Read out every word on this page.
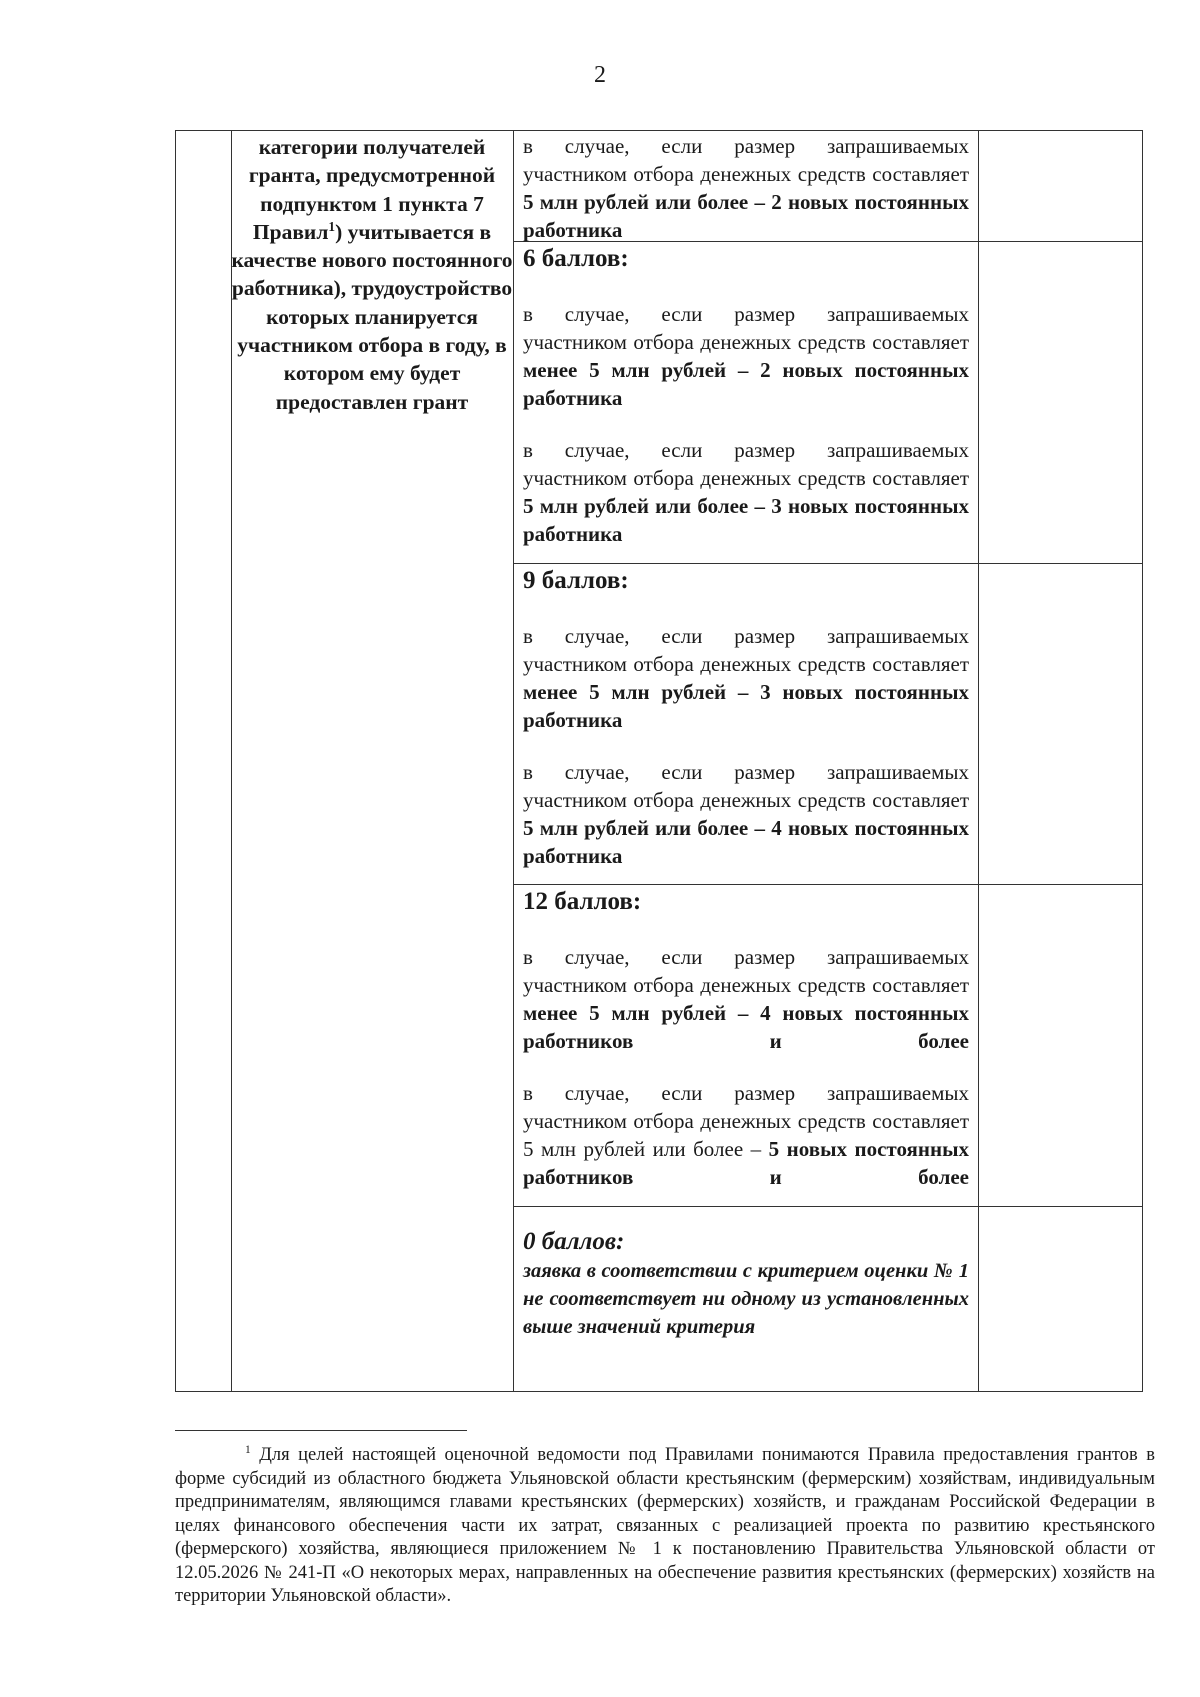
2
категории получателей гранта, предусмотренной подпунктом 1 пункта 7 Правил$^1$) учитывается в качестве нового постоянного работника), трудоустройство которых планируется участником отбора в году, в котором ему будет предоставлен грант

в случае, если размер запрашиваемых участником отбора денежных средств составляет 5 млн рублей или более – 2 новых постоянных работника

6 баллов:

в случае, если размер запрашиваемых участником отбора денежных средств составляет менее 5 млн рублей – 2 новых постоянных работника

в случае, если размер запрашиваемых участником отбора денежных средств составляет 5 млн рублей или более – 3 новых постоянных работника

9 баллов:

в случае, если размер запрашиваемых участником отбора денежных средств составляет менее 5 млн рублей – 3 новых постоянных работника

в случае, если размер запрашиваемых участником отбора денежных средств составляет 5 млн рублей или более – 4 новых постоянных работника

12 баллов:

в случае, если размер запрашиваемых участником отбора денежных средств составляет менее 5 млн рублей – 4 новых постоянных работников и более

в случае, если размер запрашиваемых участником отбора денежных средств составляет 5 млн рублей или более – 5 новых постоянных работников и более

0 баллов:

заявка в соответствии с критерием оценки № 1 не соответствует ни одному из установленных выше значений критерия

$^1$ Для целей настоящей оценочной ведомости под Правилами понимаются Правила предоставления грантов в форме субсидий из областного бюджета Ульяновской области крестьянским (фермерским) хозяйствам, индивидуальным предпринимателям, являющимся главами крестьянских (фермерских) хозяйств, и гражданам Российской Федерации в целях финансового обеспечения части их затрат, связанных с реализацией проекта по развитию крестьянского (фермерского) хозяйства, являющиеся приложением № 1 к постановлению Правительства Ульяновской области от 12.05.2026 № 241-П «О некоторых мерах, направленных на обеспечение развития крестьянских (фермерских) хозяйств на территории Ульяновской области».
